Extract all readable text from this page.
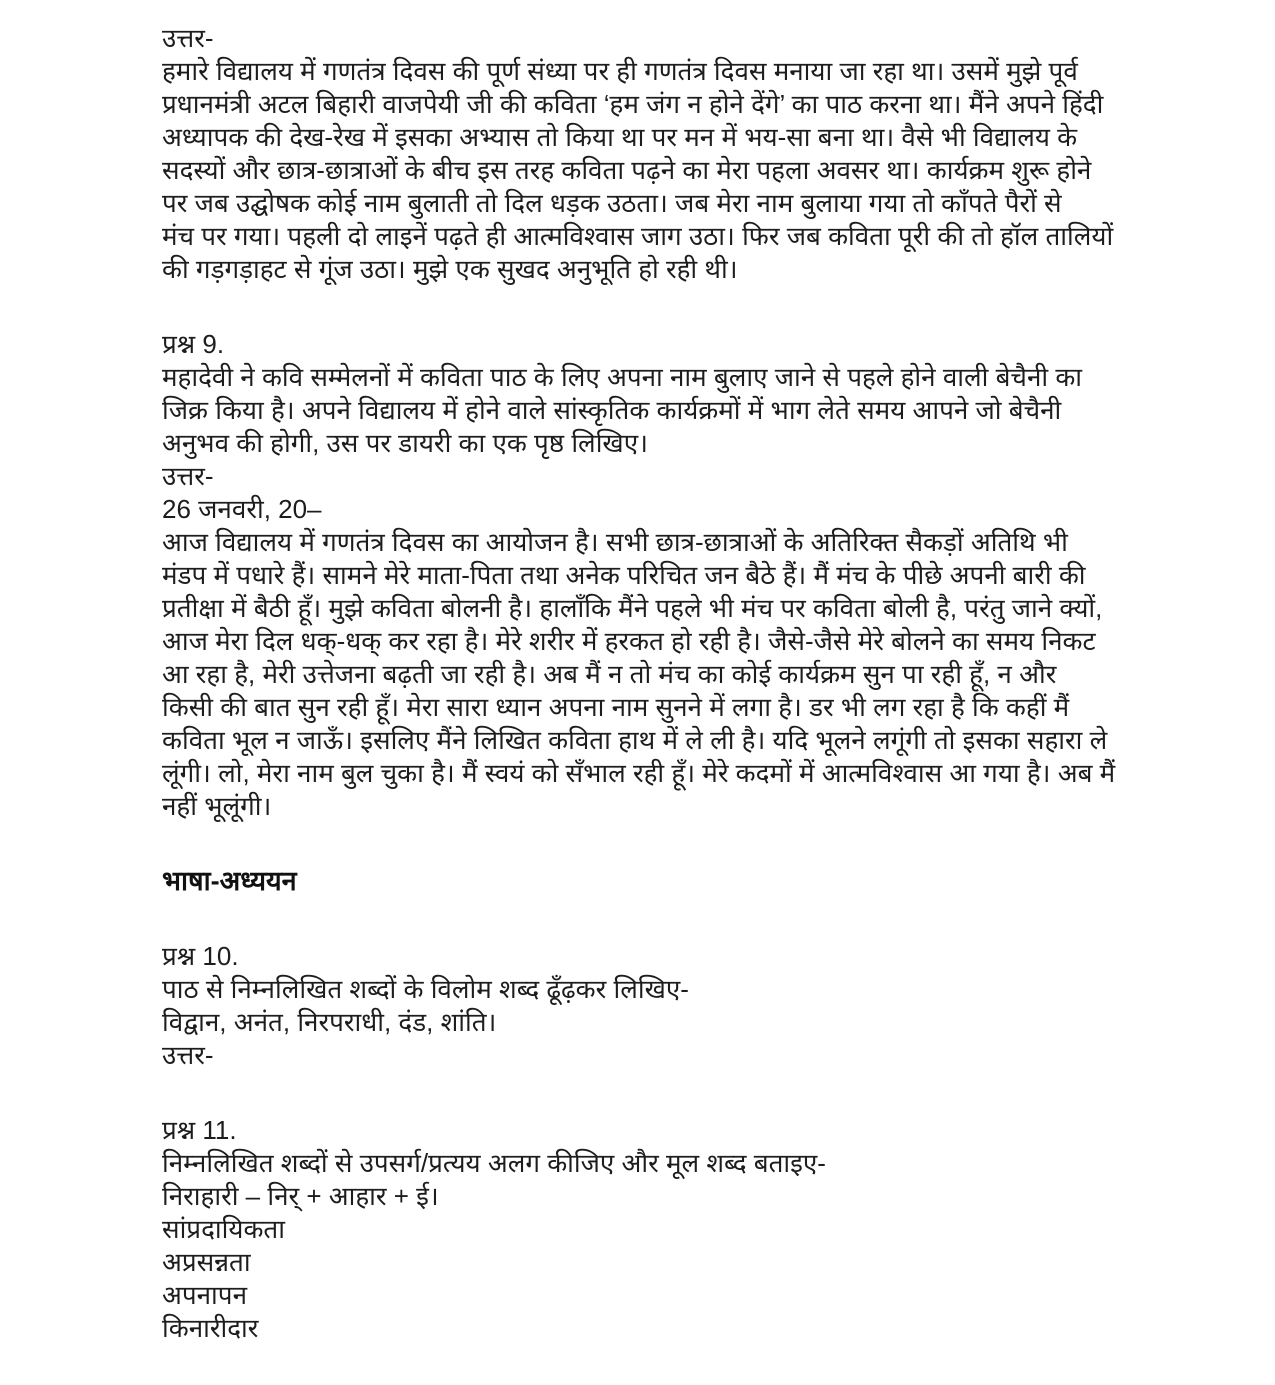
उत्तर-
हमारे विद्यालय में गणतंत्र दिवस की पूर्ण संध्या पर ही गणतंत्र दिवस मनाया जा रहा था। उसमें मुझे पूर्व
प्रधानमंत्री अटल बिहारी वाजपेयी जी की कविता ‘हम जंग न होने देंगे’ का पाठ करना था। मैंने अपने हिंदी
अध्यापक की देख-रेख में इसका अभ्यास तो किया था पर मन में भय-सा बना था। वैसे भी विद्यालय के
सदस्यों और छात्र-छात्राओं के बीच इस तरह कविता पढ़ने का मेरा पहला अवसर था। कार्यक्रम शुरू होने
पर जब उद्घोषक कोई नाम बुलाती तो दिल धड़क उठता। जब मेरा नाम बुलाया गया तो काँपते पैरों से
मंच पर गया। पहली दो लाइनें पढ़ते ही आत्मविश्वास जाग उठा। फिर जब कविता पूरी की तो हॉल तालियों
की गड़गड़ाहट से गूंज उठा। मुझे एक सुखद अनुभूति हो रही थी।
प्रश्न 9.
महादेवी ने कवि सम्मेलनों में कविता पाठ के लिए अपना नाम बुलाए जाने से पहले होने वाली बेचैनी का
जिक्र किया है। अपने विद्यालय में होने वाले सांस्कृतिक कार्यक्रमों में भाग लेते समय आपने जो बेचैनी
अनुभव की होगी, उस पर डायरी का एक पृष्ठ लिखिए।
उत्तर-
26 जनवरी, 20–
आज विद्यालय में गणतंत्र दिवस का आयोजन है। सभी छात्र-छात्राओं के अतिरिक्त सैकड़ों अतिथि भी
मंडप में पधारे हैं। सामने मेरे माता-पिता तथा अनेक परिचित जन बैठे हैं। मैं मंच के पीछे अपनी बारी की
प्रतीक्षा में बैठी हूँ। मुझे कविता बोलनी है। हालाँकि मैंने पहले भी मंच पर कविता बोली है, परंतु जाने क्यों,
आज मेरा दिल धक्-धक् कर रहा है। मेरे शरीर में हरकत हो रही है। जैसे-जैसे मेरे बोलने का समय निकट
आ रहा है, मेरी उत्तेजना बढ़ती जा रही है। अब मैं न तो मंच का कोई कार्यक्रम सुन पा रही हूँ, न और
किसी की बात सुन रही हूँ। मेरा सारा ध्यान अपना नाम सुनने में लगा है। डर भी लग रहा है कि कहीं मैं
कविता भूल न जाऊँ। इसलिए मैंने लिखित कविता हाथ में ले ली है। यदि भूलने लगूंगी तो इसका सहारा ले
लूंगी। लो, मेरा नाम बुल चुका है। मैं स्वयं को सँभाल रही हूँ। मेरे कदमों में आत्मविश्वास आ गया है। अब मैं
नहीं भूलूंगी।
भाषा-अध्ययन
प्रश्न 10.
पाठ से निम्नलिखित शब्दों के विलोम शब्द ढूँढ़कर लिखिए-
विद्वान, अनंत, निरपराधी, दंड, शांति।
उत्तर-
प्रश्न 11.
निम्नलिखित शब्दों से उपसर्ग/प्रत्यय अलग कीजिए और मूल शब्द बताइए-
निराहारी – निर् + आहार + ई।
सांप्रदायिकता
अप्रसन्नता
अपनापन
किनारीदार
